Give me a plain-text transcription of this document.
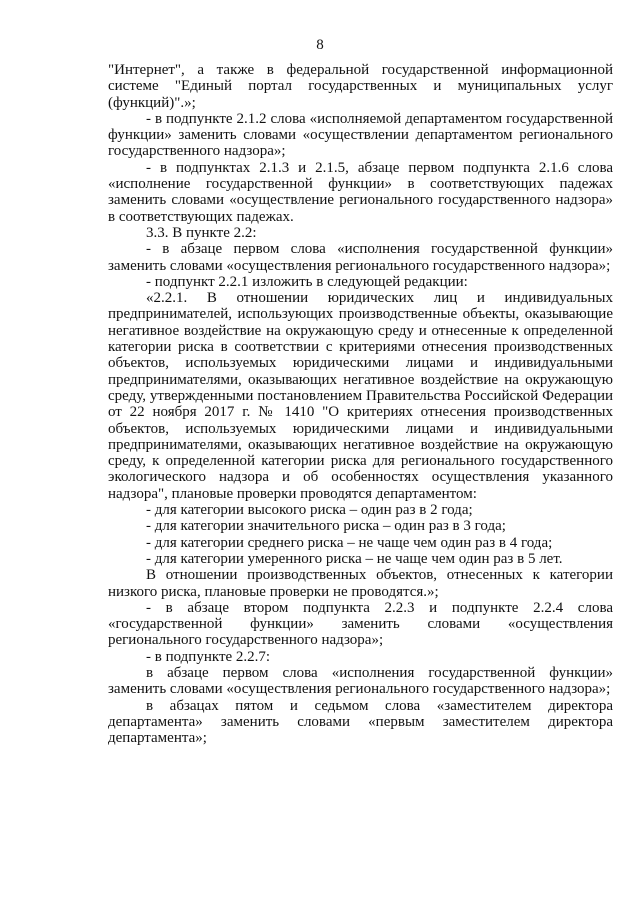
8

"Интернет", а также в федеральной государственной информационной системе "Единый портал государственных и муниципальных услуг (функций)".»;

- в подпункте 2.1.2 слова «исполняемой департаментом государственной функции» заменить словами «осуществлении департаментом регионального государственного надзора»;

- в подпунктах 2.1.3 и 2.1.5, абзаце первом подпункта 2.1.6 слова «исполнение государственной функции» в соответствующих падежах заменить словами «осуществление регионального государственного надзора» в соответствующих падежах.

3.3. В пункте 2.2:

- в абзаце первом слова «исполнения государственной функции» заменить словами «осуществления регионального государственного надзора»;

- подпункт 2.2.1 изложить в следующей редакции:

«2.2.1. В отношении юридических лиц и индивидуальных предпринимателей, использующих производственные объекты, оказывающие негативное воздействие на окружающую среду и отнесенные к определенной категории риска в соответствии с критериями отнесения производственных объектов, используемых юридическими лицами и индивидуальными предпринимателями, оказывающих негативное воздействие на окружающую среду, утвержденными постановлением Правительства Российской Федерации от 22 ноября 2017 г. № 1410 "О критериях отнесения производственных объектов, используемых юридическими лицами и индивидуальными предпринимателями, оказывающих негативное воздействие на окружающую среду, к определенной категории риска для регионального государственного экологического надзора и об особенностях осуществления указанного надзора", плановые проверки проводятся департаментом:

- для категории высокого риска – один раз в 2 года;

- для категории значительного риска – один раз в 3 года;

- для категории среднего риска – не чаще чем один раз в 4 года;

- для категории умеренного риска – не чаще чем один раз в 5 лет.

В отношении производственных объектов, отнесенных к категории низкого риска, плановые проверки не проводятся.»;

- в абзаце втором подпункта 2.2.3 и подпункте 2.2.4 слова «государственной функции» заменить словами «осуществления регионального государственного надзора»;

- в подпункте 2.2.7:

в абзаце первом слова «исполнения государственной функции» заменить словами «осуществления регионального государственного надзора»;

в абзацах пятом и седьмом слова «заместителем директора департамента» заменить словами «первым заместителем директора департамента»;
